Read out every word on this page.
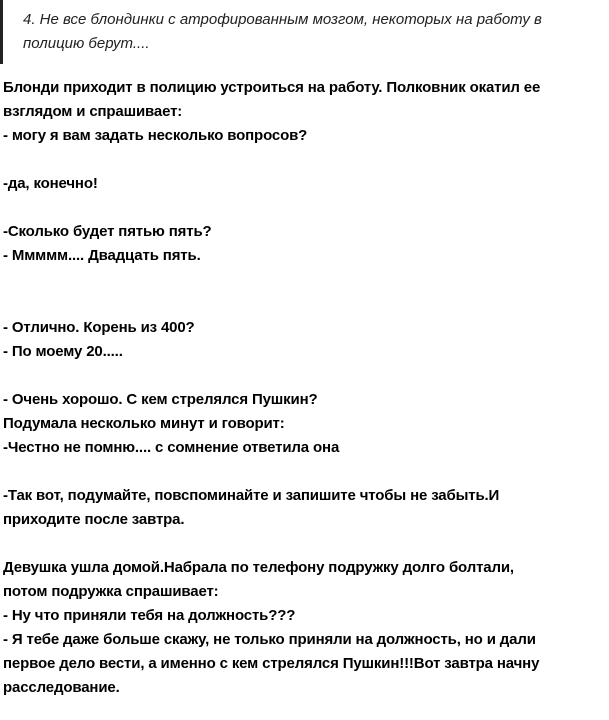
4. Не все блондинки с атрофированным мозгом, некоторых на работу в
полицию берут....
Блонди приходит в полицию устроиться на работу. Полковник окатил ее
взглядом и спрашивает:
- могу я вам задать несколько вопросов?
-да, конечно!
-Сколько будет пятью пять?
- Ммммм.... Двадцать пять.
- Отлично. Корень из 400?
- По моему 20.....
- Очень хорошо. С кем стрелялся Пушкин?
Подумала несколько минут и говорит:
-Честно не помню.... с сомнение ответила она
-Так вот, подумайте, повспоминайте и запишите чтобы не забыть.И
приходите после завтра.
Девушка ушла домой.Набрала по телефону подружку долго болтали,
потом подружка спрашивает:
- Ну что приняли тебя на должность???
- Я тебе даже больше скажу, не только приняли на должность, но и дали
первое дело вести, а именно с кем стрелялся Пушкин!!!Вот завтра начну
расследование.
